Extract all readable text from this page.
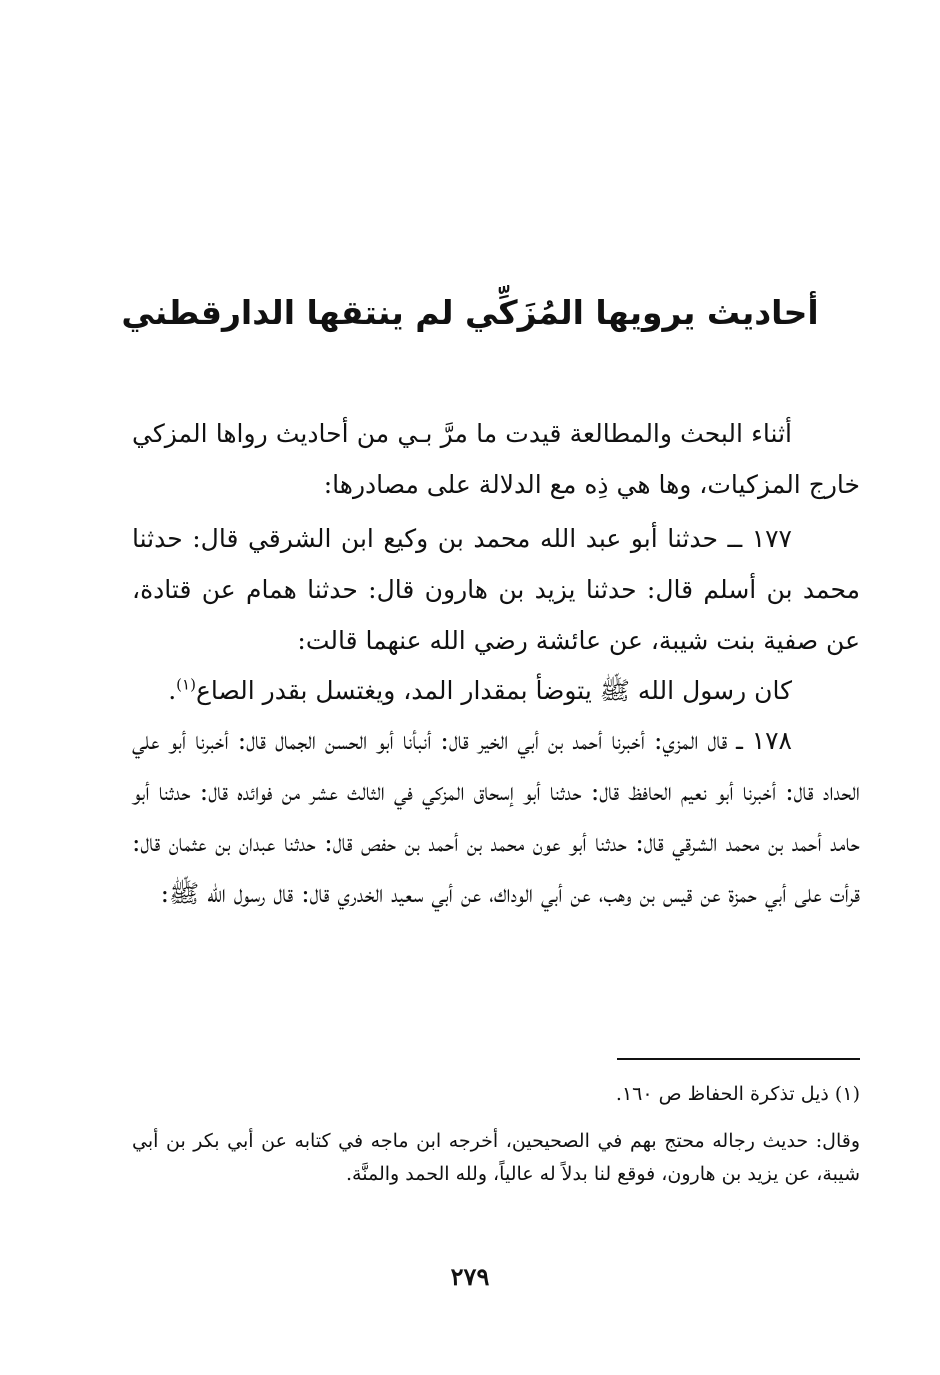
أحاديث يرويها المُزَكِّي لم ينتقها الدارقطني

أثناء البحث والمطالعة قيدت ما مرَّ بـي من أحاديث رواها المزكي خارج المزكيات، وها هي ذِه مع الدلالة على مصادرها:

١٧٧ ــ حدثنا أبو عبد الله محمد بن وكيع ابن الشرقي قال: حدثنا محمد بن أسلم قال: حدثنا يزيد بن هارون قال: حدثنا همام عن قتادة، عن صفية بنت شيبة، عن عائشة رضي الله عنهما قالت:

كان رسول الله ﷺ يتوضأ بمقدار المد، ويغتسل بقدر الصاع$^{(١)}$.

١٧٨ ــ قال المزي: أخبرنا أحمد بن أبي الخير قال: أنبأنا أبو الحسن الجمال قال: أخبرنا أبو علي الحداد قال: أخبرنا أبو نعيم الحافظ قال: حدثنا أبو إسحاق المزكي في الثالث عشر من فوائده قال: حدثنا أبو حامد أحمد بن محمد الشرقي قال: حدثنا أبو عون محمد بن أحمد بن حفص قال: حدثنا عبدان بن عثمان قال: قرأت على أبي حمزة عن قيس بن وهب، عن أبي الوداك، عن أبي سعيد الخدري قال: قال رسول الله ﷺ:

(١) ذيل تذكرة الحفاظ ص ١٦٠.

وقال: حديث رجاله محتج بهم في الصحيحين، أخرجه ابن ماجه في كتابه عن أبي بكر بن أبي شيبة، عن يزيد بن هارون، فوقع لنا بدلاً له عالياً، ولله الحمد والمنَّة.

٢٧٩
